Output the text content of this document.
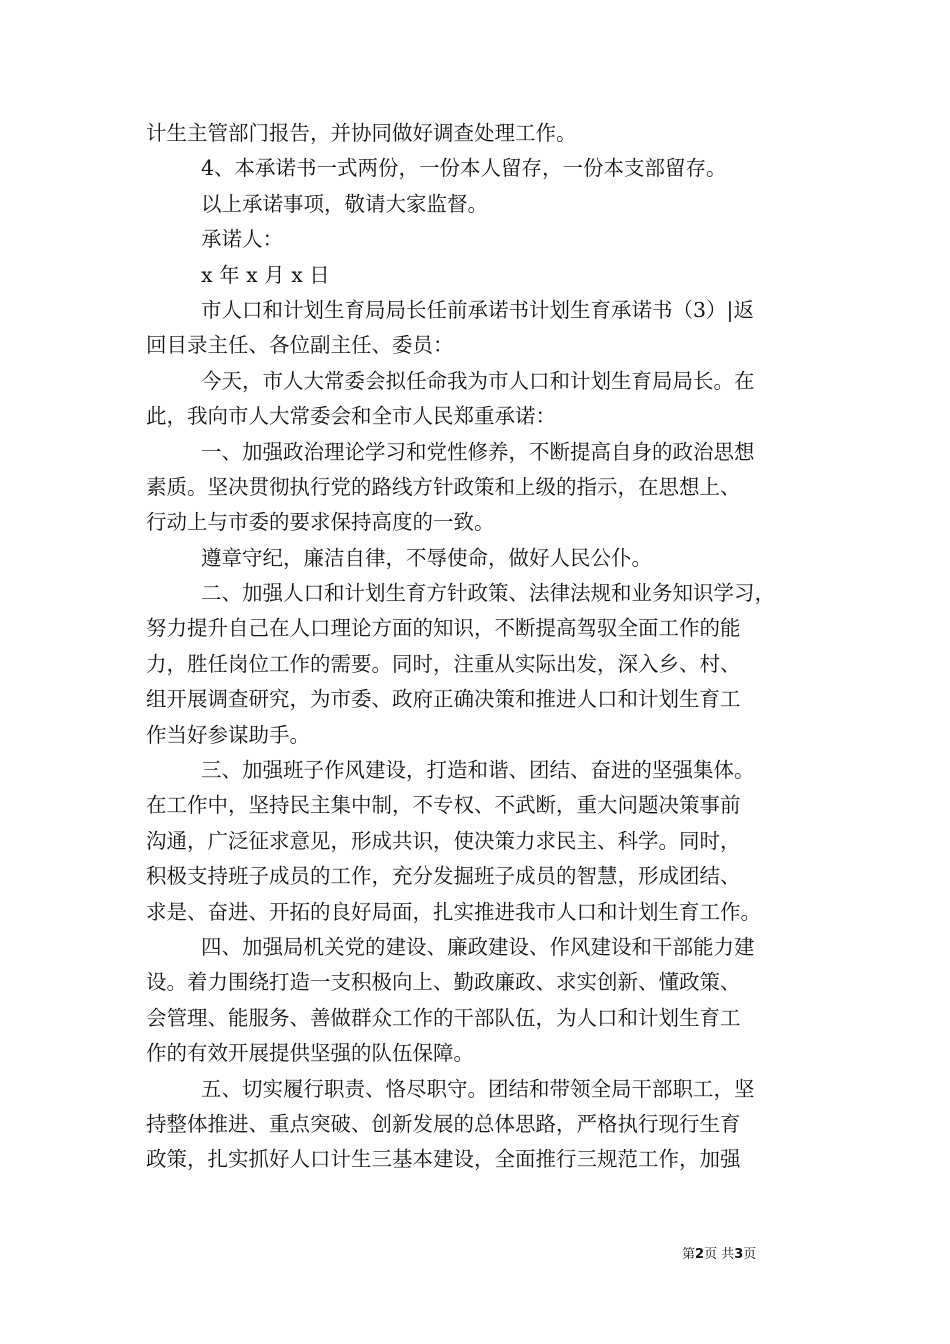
计生主管部门报告，并协同做好调查处理工作。
4、本承诺书一式两份，一份本人留存，一份本支部留存。
以上承诺事项，敬请大家监督。
承诺人：
x 年 x 月 x 日
市人口和计划生育局局长任前承诺书计划生育承诺书（3）|返
回目录主任、各位副主任、委员：
今天，市人大常委会拟任命我为市人口和计划生育局局长。在
此，我向市人大常委会和全市人民郑重承诺：
一、加强政治理论学习和党性修养，不断提高自身的政治思想
素质。坚决贯彻执行党的路线方针政策和上级的指示，在思想上、
行动上与市委的要求保持高度的一致。
遵章守纪，廉洁自律，不辱使命，做好人民公仆。
二、加强人口和计划生育方针政策、法律法规和业务知识学习，
努力提升自己在人口理论方面的知识，不断提高驾驭全面工作的能
力，胜任岗位工作的需要。同时，注重从实际出发，深入乡、村、
组开展调查研究，为市委、政府正确决策和推进人口和计划生育工
作当好参谋助手。
三、加强班子作风建设，打造和谐、团结、奋进的坚强集体。
在工作中，坚持民主集中制，不专权、不武断，重大问题决策事前
沟通，广泛征求意见，形成共识，使决策力求民主、科学。同时，
积极支持班子成员的工作，充分发掘班子成员的智慧，形成团结、
求是、奋进、开拓的良好局面，扎实推进我市人口和计划生育工作。
四、加强局机关党的建设、廉政建设、作风建设和干部能力建
设。着力围绕打造一支积极向上、勤政廉政、求实创新、懂政策、
会管理、能服务、善做群众工作的干部队伍，为人口和计划生育工
作的有效开展提供坚强的队伍保障。
五、切实履行职责、恪尽职守。团结和带领全局干部职工，坚
持整体推进、重点突破、创新发展的总体思路，严格执行现行生育
政策，扎实抓好人口计生三基本建设，全面推行三规范工作，加强
第2页 共3页
